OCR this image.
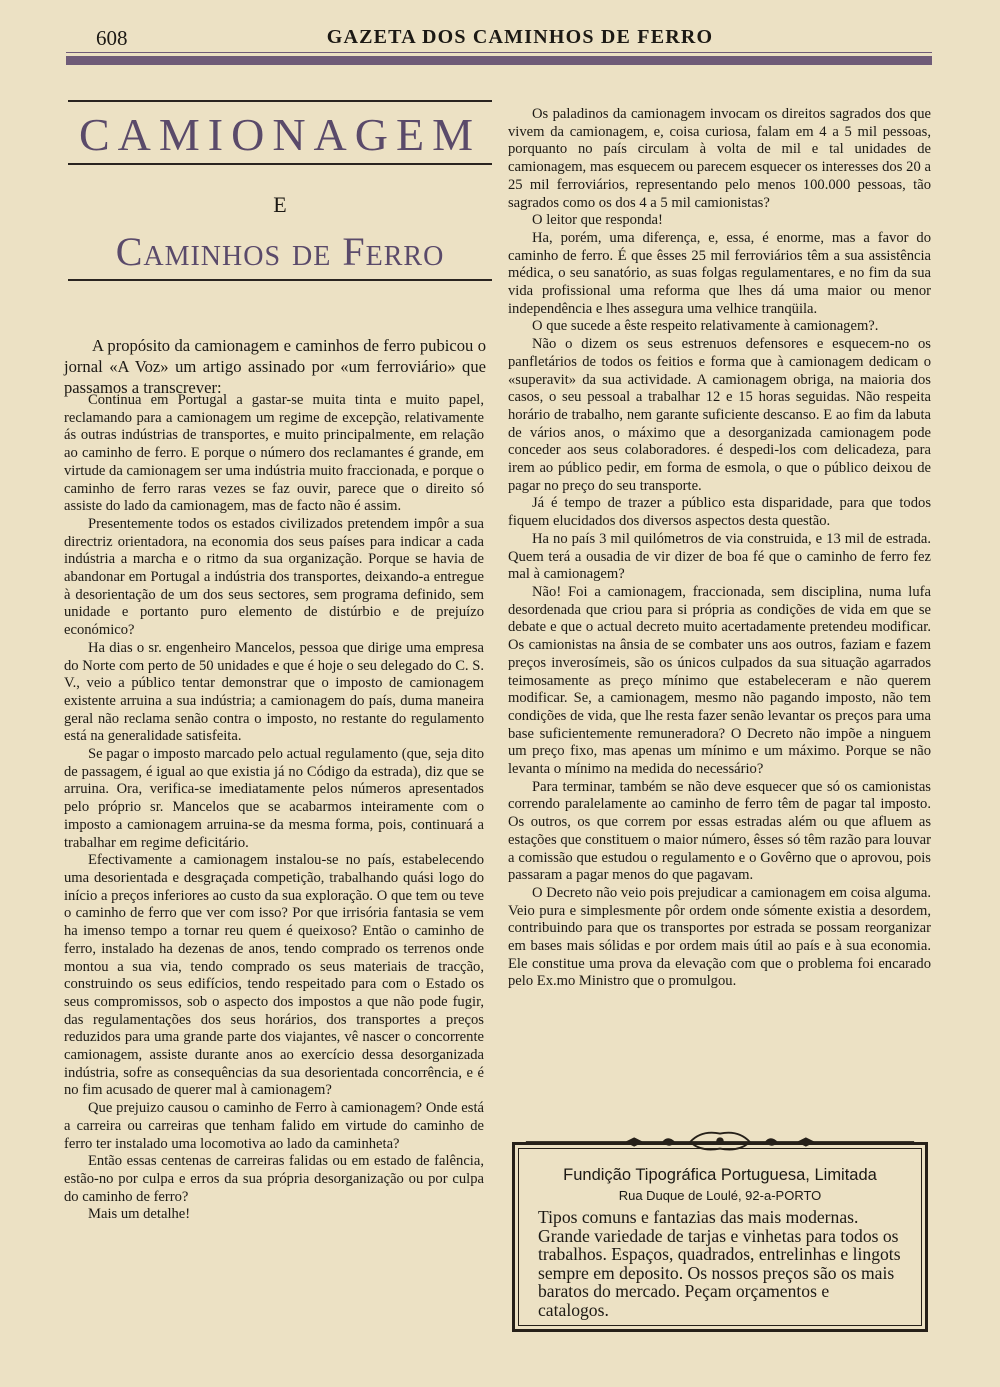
608	GAZETA DOS CAMINHOS DE FERRO
CAMIONAGEM
E
Caminhos de Ferro

A propósito da camionagem e caminhos de ferro pubicou o jornal «A Voz» um artigo assinado por «um ferroviário» que passamos a transcrever:

Continua em Portugal a gastar-se muita tinta e muito papel, reclamando para a camionagem um regime de excepção, relativamente ás outras indústrias de transportes, e muito principalmente, em relação ao caminho de ferro. E porque o número dos reclamantes é grande, em virtude da camionagem ser uma indústria muito fraccionada, e porque o caminho de ferro raras vezes se faz ouvir, parece que o direito só assiste do lado da camionagem, mas de facto não é assim.

Presentemente todos os estados civilizados pretendem impôr a sua directriz orientadora, na economia dos seus países para indicar a cada indústria a marcha e o ritmo da sua organização. Porque se havia de abandonar em Portugal a indústria dos transportes, deixando-a entregue à desorientação de um dos seus sectores, sem programa definido, sem unidade e portanto puro elemento de distúrbio e de prejuízo económico?

Ha dias o sr. engenheiro Mancelos, pessoa que dirige uma empresa do Norte com perto de 50 unidades e que é hoje o seu delegado do C. S. V., veio a público tentar demonstrar que o imposto de camionagem existente arruina a sua indústria; a camionagem do país, duma maneira geral não reclama senão contra o imposto, no restante do regulamento está na generalidade satisfeita.

Se pagar o imposto marcado pelo actual regulamento (que, seja dito de passagem, é igual ao que existia já no Código da estrada), diz que se arruina. Ora, verifica-se imediatamente pelos números apresentados pelo próprio sr. Mancelos que se acabarmos inteiramente com o imposto a camionagem arruina-se da mesma forma, pois, continuará a trabalhar em regime deficitário.

Efectivamente a camionagem instalou-se no país, estabelecendo uma desorientada e desgraçada competição, trabalhando quási logo do início a preços inferiores ao custo da sua exploração. O que tem ou teve o caminho de ferro que ver com isso? Por que irrisória fantasia se vem ha imenso tempo a tornar reu quem é queixoso? Então o caminho de ferro, instalado ha dezenas de anos, tendo comprado os terrenos onde montou a sua via, tendo comprado os seus materiais de tracção, construindo os seus edifícios, tendo respeitado para com o Estado os seus compromissos, sob o aspecto dos impostos a que não pode fugir, das regulamentações dos seus horários, dos transportes a preços reduzidos para uma grande parte dos viajantes, vê nascer o concorrente camionagem, assiste durante anos ao exercício dessa desorganizada indústria, sofre as consequências da sua desorientada concorrência, e é no fim acusado de querer mal à camionagem?

Que prejuizo causou o caminho de Ferro à camionagem? Onde está a carreira ou carreiras que tenham falido em virtude do caminho de ferro ter instalado uma locomotiva ao lado da caminheta?

Então essas centenas de carreiras falidas ou em estado de falência, estão-no por culpa e erros da sua própria desorganização ou por culpa do caminho de ferro?

Mais um detalhe!

Os paladinos da camionagem invocam os direitos sagrados dos que vivem da camionagem, e, coisa curiosa, falam em 4 a 5 mil pessoas, porquanto no país circulam à volta de mil e tal unidades de camionagem, mas esquecem ou parecem esquecer os interesses dos 20 a 25 mil ferroviários, representando pelo menos 100.000 pessoas, tão sagrados como os dos 4 a 5 mil camionistas?

O leitor que responda!

Ha, porém, uma diferença, e, essa, é enorme, mas a favor do caminho de ferro. É que êsses 25 mil ferroviários têm a sua assistência médica, o seu sanatório, as suas folgas regulamentares, e no fim da sua vida profissional uma reforma que lhes dá uma maior ou menor independência e lhes assegura uma velhice tranqüila.

O que sucede a êste respeito relativamente à camionagem?.

Não o dizem os seus estrenuos defensores e esquecem-no os panfletários de todos os feitios e forma que à camionagem dedicam o «superavit» da sua actividade. A camionagem obriga, na maioria dos casos, o seu pessoal a trabalhar 12 e 15 horas seguidas. Não respeita horário de trabalho, nem garante suficiente descanso. E ao fim da labuta de vários anos, o máximo que a desorganizada camionagem pode conceder aos seus colaboradores. é despedi-los com delicadeza, para irem ao público pedir, em forma de esmola, o que o público deixou de pagar no preço do seu transporte.

Já é tempo de trazer a público esta disparidade, para que todos fiquem elucidados dos diversos aspectos desta questão.

Ha no país 3 mil quilómetros de via construida, e 13 mil de estrada. Quem terá a ousadia de vir dizer de boa fé que o caminho de ferro fez mal à camionagem?

Não! Foi a camionagem, fraccionada, sem disciplina, numa lufa desordenada que criou para si própria as condições de vida em que se debate e que o actual decreto muito acertadamente pretendeu modificar. Os camionistas na ânsia de se combater uns aos outros, faziam e fazem preços inverosímeis, são os únicos culpados da sua situação agarrados teimosamente as preço mínimo que estabeleceram e não querem modificar. Se, a camionagem, mesmo não pagando imposto, não tem condições de vida, que lhe resta fazer senão levantar os preços para uma base suficientemente remuneradora? O Decreto não impõe a ninguem um preço fixo, mas apenas um mínimo e um máximo. Porque se não levanta o mínimo na medida do necessário?

Para terminar, também se não deve esquecer que só os camionistas correndo paralelamente ao caminho de ferro têm de pagar tal imposto. Os outros, os que correm por essas estradas além ou que afluem as estações que constituem o maior número, êsses só têm razão para louvar a comissão que estudou o regulamento e o Govêrno que o aprovou, pois passaram a pagar menos do que pagavam.

O Decreto não veio pois prejudicar a camionagem em coisa alguma. Veio pura e simplesmente pôr ordem onde sómente existia a desordem, contribuindo para que os transportes por estrada se possam reorganizar em bases mais sólidas e por ordem mais útil ao país e à sua economia. Ele constitue uma prova da elevação com que o problema foi encarado pelo Ex.mo Ministro que o promulgou.

Fundição Tipográfica Portuguesa, Limitada
Rua Duque de Loulé, 92-a-PORTO
Tipos comuns e fantazias das mais modernas. Grande variedade de tarjas e vinhetas para todos os trabalhos. Espaços, quadrados, entrelinhas e lingots sempre em deposito. Os nossos preços são os mais baratos do mercado. Peçam orçamentos e catalogos.
